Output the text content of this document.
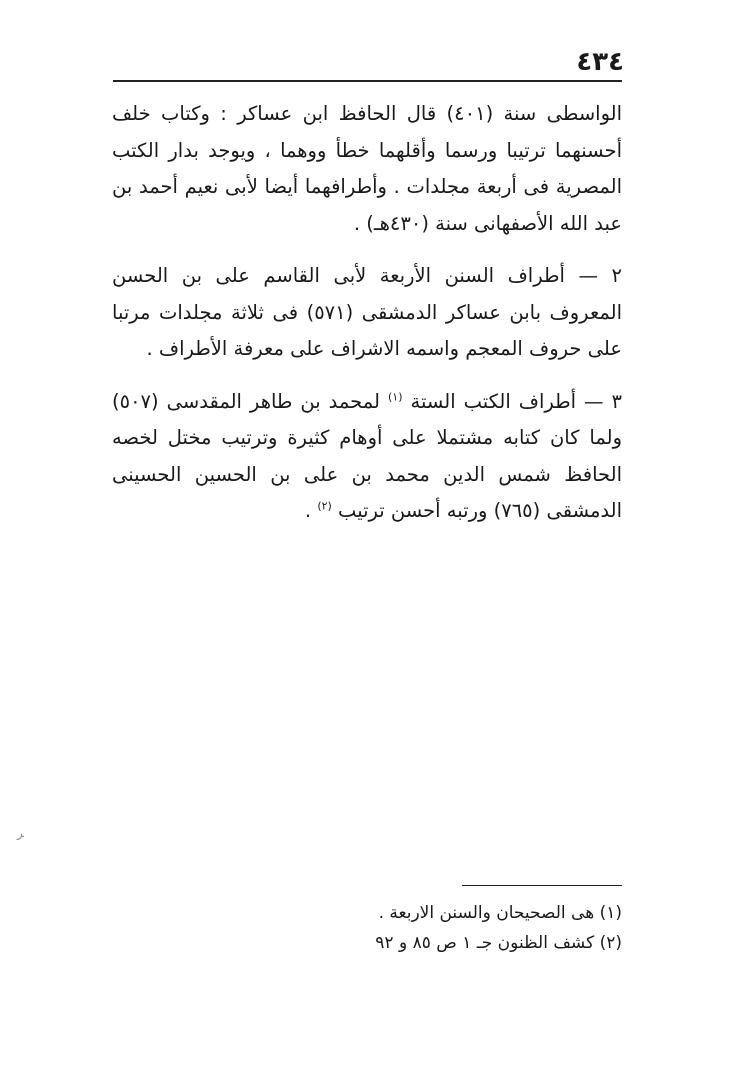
٤٣٤

الواسطى سنة (٤٠١) قال الحافظ ابن عساكر : وكتاب خلف أحسنهما ترتيبا ورسما وأقلهما خطأ ووهما ، ويوجد بدار الكتب المصرية فى أربعة مجلدات . وأطرافهما أيضا لأبى نعيم أحمد بن عبد الله الأصفهانى سنة (٤٣٠هـ) .

٢ — أطراف السنن الأربعة لأبى القاسم على بن الحسن المعروف بابن عساكر الدمشقى (٥٧١) فى ثلاثة مجلدات مرتبا على حروف المعجم واسمه الاشراف على معرفة الأطراف .

٣ — أطراف الكتب الستة $^{(١)}$ لمحمد بن طاهر المقدسى (٥٠٧) ولما كان كتابه مشتملا على أوهام كثيرة وترتيب مختل لخصه الحافظ شمس الدين محمد بن على بن الحسين الحسينى الدمشقى (٧٦٥) ورتبه أحسن ترتيب $^{(٢)}$ .

(١) هى الصحيحان والسنن الاربعة .

(٢) كشف الظنون جـ ١ ص ٨٥ و ٩٢

ﺮ
